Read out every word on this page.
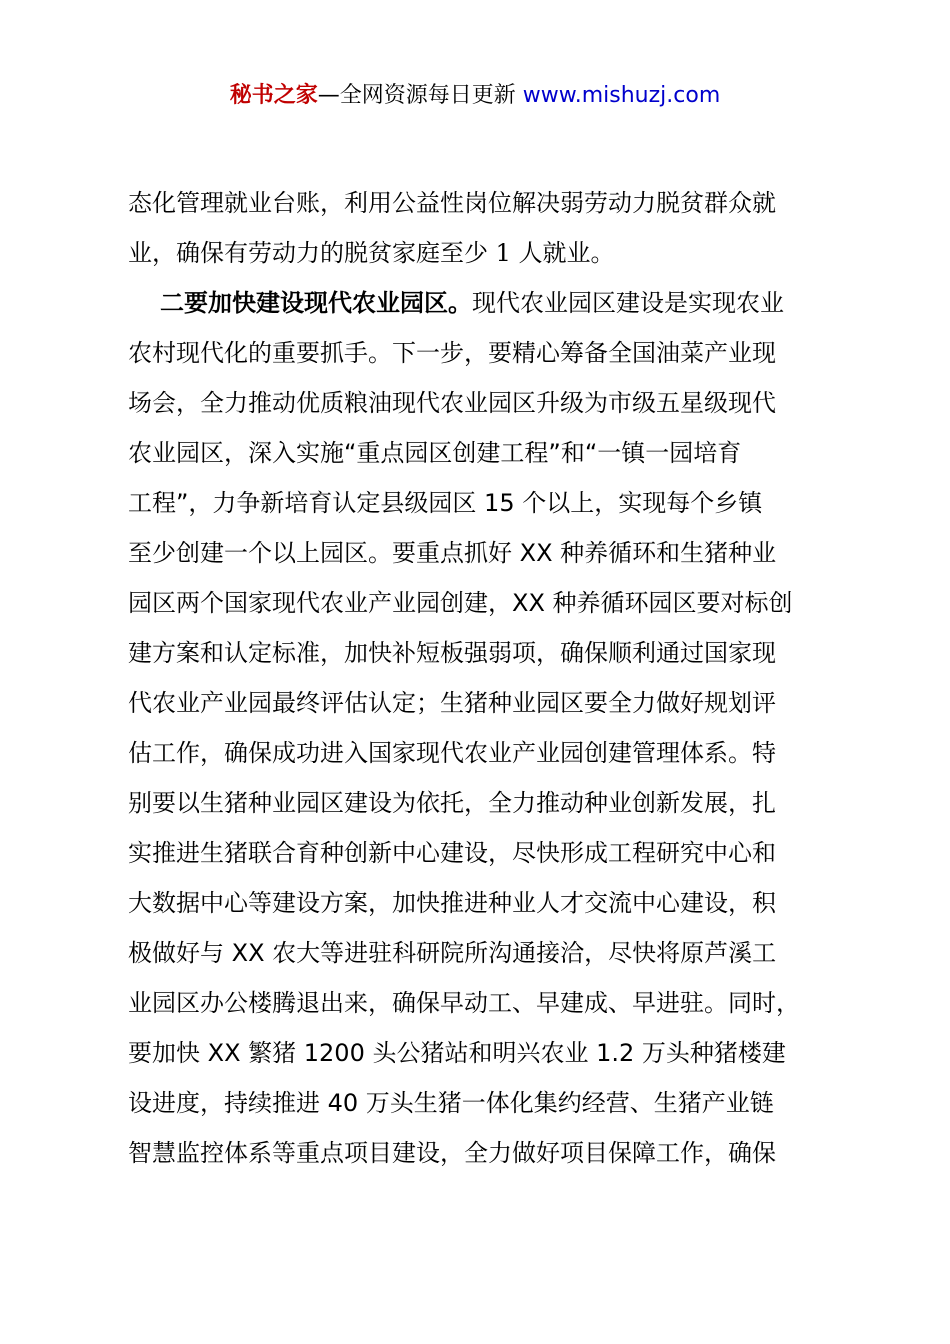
秘书之家—全网资源每日更新 www.mishuzj.com
态化管理就业台账，利用公益性岗位解决弱劳动力脱贫群众就
业，确保有劳动力的脱贫家庭至少 1 人就业。
二要加快建设现代农业园区。现代农业园区建设是实现农业
农村现代化的重要抓手。下一步，要精心筹备全国油菜产业现
场会，全力推动优质粮油现代农业园区升级为市级五星级现代
农业园区，深入实施“重点园区创建工程”和“一镇一园培育
工程”，力争新培育认定县级园区 15 个以上，实现每个乡镇
至少创建一个以上园区。要重点抓好 XX 种养循环和生猪种业
园区两个国家现代农业产业园创建，XX 种养循环园区要对标创
建方案和认定标准，加快补短板强弱项，确保顺利通过国家现
代农业产业园最终评估认定；生猪种业园区要全力做好规划评
估工作，确保成功进入国家现代农业产业园创建管理体系。特
别要以生猪种业园区建设为依托，全力推动种业创新发展，扎
实推进生猪联合育种创新中心建设，尽快形成工程研究中心和
大数据中心等建设方案，加快推进种业人才交流中心建设，积
极做好与 XX 农大等进驻科研院所沟通接洽，尽快将原芦溪工
业园区办公楼腾退出来，确保早动工、早建成、早进驻。同时，
要加快 XX 繁猪 1200 头公猪站和明兴农业 1.2 万头种猪楼建
设进度，持续推进 40 万头生猪一体化集约经营、生猪产业链
智慧监控体系等重点项目建设，全力做好项目保障工作，确保
